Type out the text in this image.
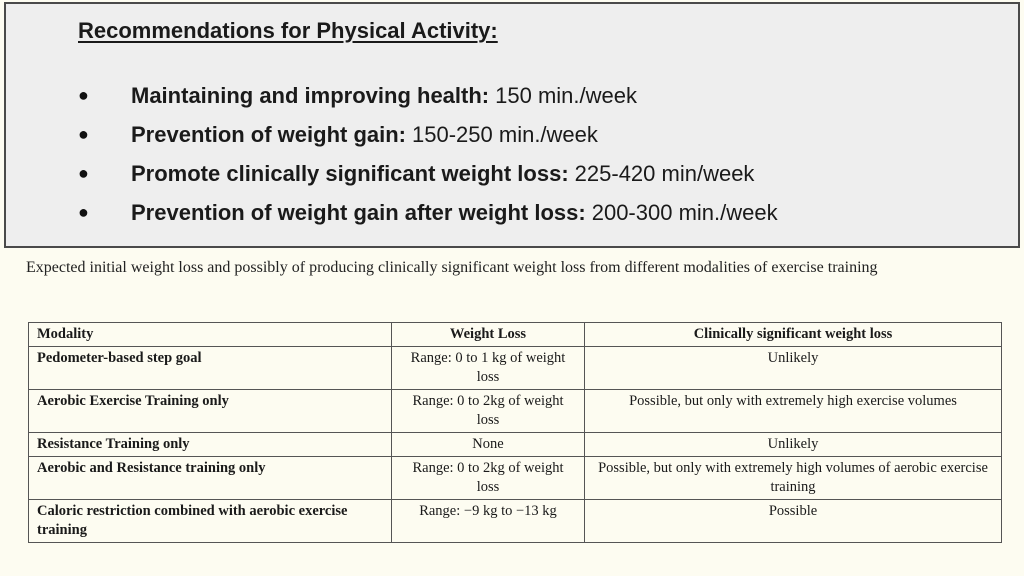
Recommendations for Physical Activity:
●	Maintaining and improving health: 150 min./week
●	Prevention of weight gain: 150-250 min./week
●	Promote clinically significant weight loss: 225-420 min/week
●	Prevention of weight gain after weight loss: 200-300 min./week

Expected initial weight loss and possibly of producing clinically significant weight loss from different modalities of exercise training

Modality	Weight Loss	Clinically significant weight loss
Pedometer-based step goal	Range: 0 to 1 kg of weight loss	Unlikely
Aerobic Exercise Training only	Range: 0 to 2kg of weight loss	Possible, but only with extremely high exercise volumes
Resistance Training only	None	Unlikely
Aerobic and Resistance training only	Range: 0 to 2kg of weight loss	Possible, but only with extremely high volumes of aerobic exercise training
Caloric restriction combined with aerobic exercise training	Range: −9 kg to −13 kg	Possible
